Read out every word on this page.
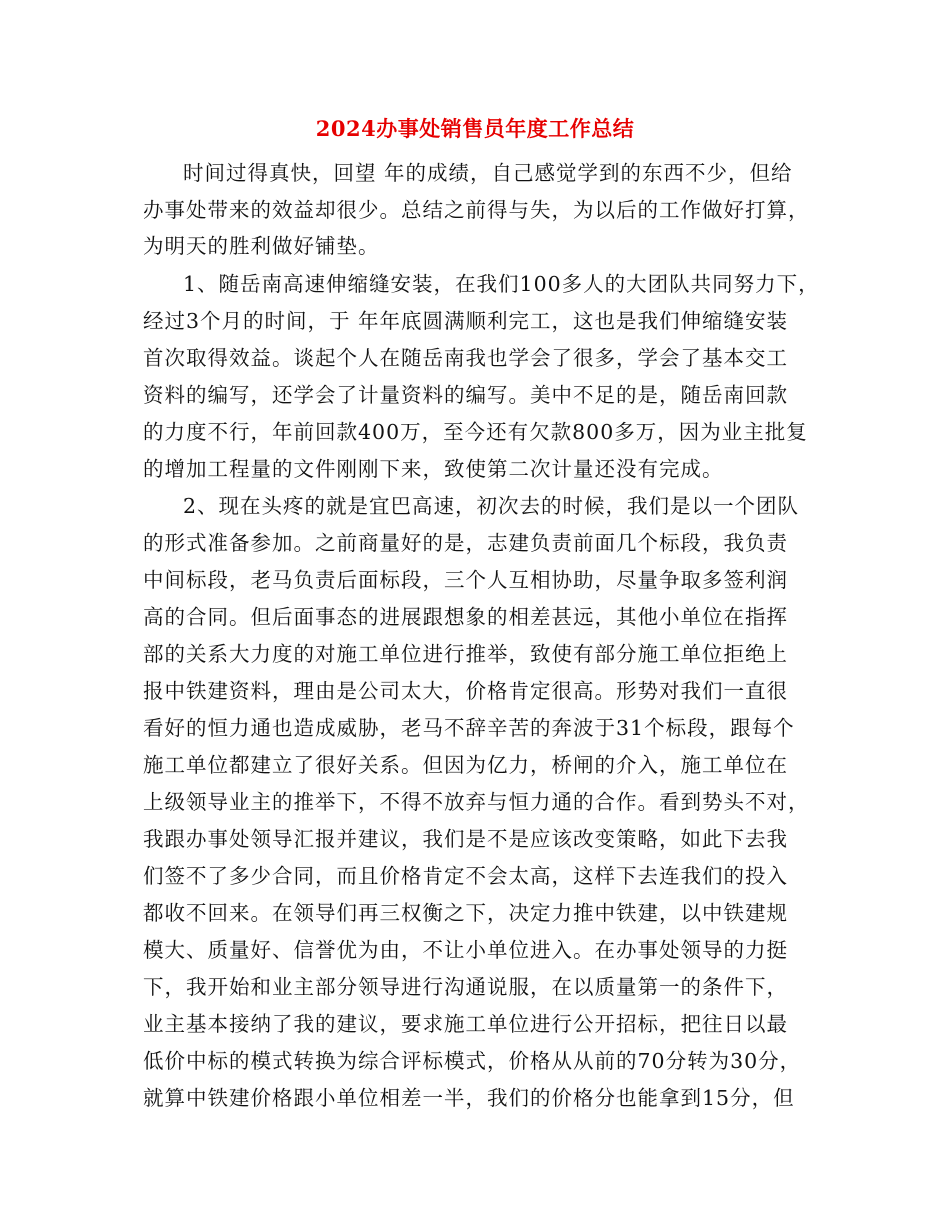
2024办事处销售员年度工作总结
时间过得真快，回望 年的成绩，自己感觉学到的东西不少，但给
办事处带来的效益却很少。总结之前得与失，为以后的工作做好打算，
为明天的胜利做好铺垫。
1、随岳南高速伸缩缝安装，在我们100多人的大团队共同努力下，
经过3个月的时间，于 年年底圆满顺利完工，这也是我们伸缩缝安装
首次取得效益。谈起个人在随岳南我也学会了很多，学会了基本交工
资料的编写，还学会了计量资料的编写。美中不足的是，随岳南回款
的力度不行，年前回款400万，至今还有欠款800多万，因为业主批复
的增加工程量的文件刚刚下来，致使第二次计量还没有完成。
2、现在头疼的就是宜巴高速，初次去的时候，我们是以一个团队
的形式准备参加。之前商量好的是，志建负责前面几个标段，我负责
中间标段，老马负责后面标段，三个人互相协助，尽量争取多签利润
高的合同。但后面事态的进展跟想象的相差甚远，其他小单位在指挥
部的关系大力度的对施工单位进行推举，致使有部分施工单位拒绝上
报中铁建资料，理由是公司太大，价格肯定很高。形势对我们一直很
看好的恒力通也造成威胁，老马不辞辛苦的奔波于31个标段，跟每个
施工单位都建立了很好关系。但因为亿力，桥闸的介入，施工单位在
上级领导业主的推举下，不得不放弃与恒力通的合作。看到势头不对，
我跟办事处领导汇报并建议，我们是不是应该改变策略，如此下去我
们签不了多少合同，而且价格肯定不会太高，这样下去连我们的投入
都收不回来。在领导们再三权衡之下，决定力推中铁建，以中铁建规
模大、质量好、信誉优为由，不让小单位进入。在办事处领导的力挺
下，我开始和业主部分领导进行沟通说服，在以质量第一的条件下，
业主基本接纳了我的建议，要求施工单位进行公开招标，把往日以最
低价中标的模式转换为综合评标模式，价格从从前的70分转为30分，
就算中铁建价格跟小单位相差一半，我们的价格分也能拿到15分，但
